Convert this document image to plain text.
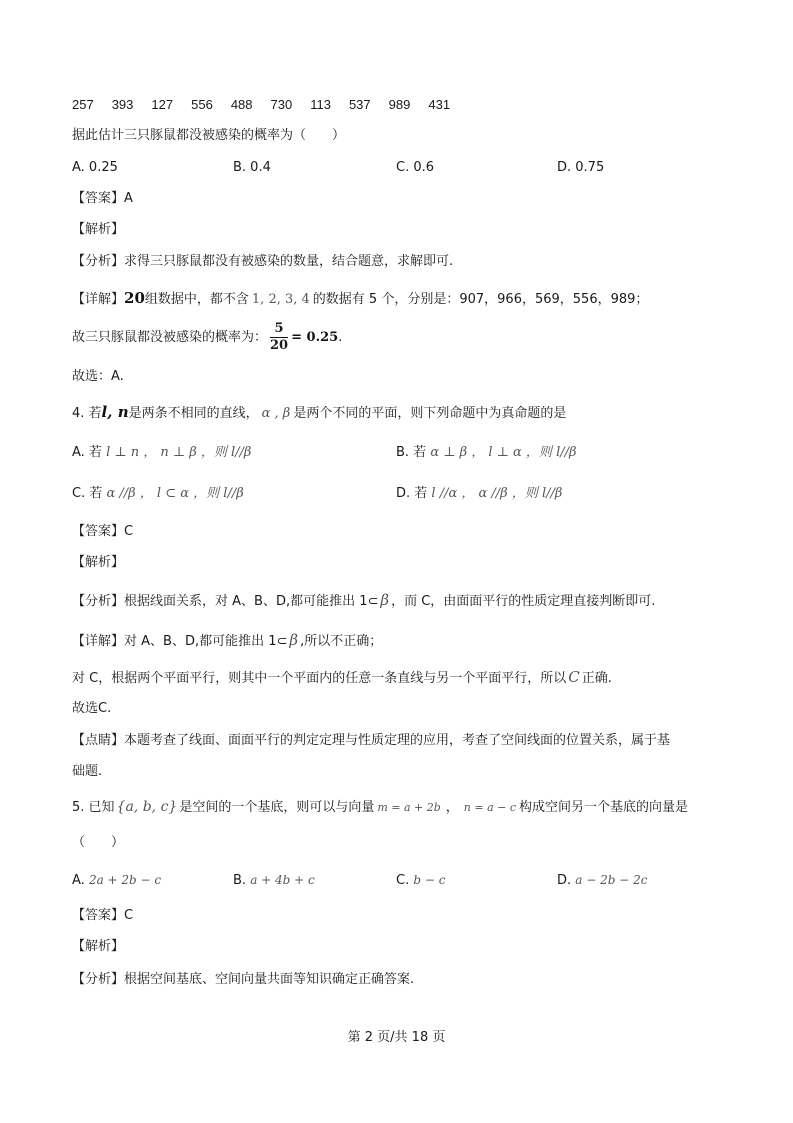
257 393 127 556 488 730 113 537 989 431
据此估计三只豚鼠都没被感染的概率为（　　）
A. 0.25	B. 0.4	C. 0.6	D. 0.75
【答案】A
【解析】
【分析】求得三只豚鼠都没有被感染的数量，结合题意，求解即可.
【详解】20组数据中，都不含 1, 2, 3, 4 的数据有 5 个，分别是：907，966，569，556，989；
故三只豚鼠都没被感染的概率为： $\frac{5}{20} = 0.25$.
故选：A.
4. 若l, n是两条不相同的直线， α , β 是两个不同的平面，则下列命题中为真命题的是
A. 若 l ⊥ n ， n ⊥ β ，则 l//β	B. 若 α ⊥ β ， l ⊥ α ，则 l//β
C. 若 α //β ， l ⊂ α ，则 l//β	D. 若 l //α ， α //β ，则 l//β
【答案】C
【解析】
【分析】根据线面关系，对 A、B、D,都可能推出 1⊂ β ，而 C，由面面平行的性质定理直接判断即可.
【详解】对 A、B、D,都可能推出 1⊂ β ,所以不正确；
对 C，根据两个平面平行，则其中一个平面内的任意一条直线与另一个平面平行，所以 C 正确.
故选C.
【点睛】本题考查了线面、面面平行的判定定理与性质定理的应用，考查了空间线面的位置关系，属于基
础题.
5. 已知 {a, b, c} 是空间的一个基底，则可以与向量 m = a + 2b ， n = a − c 构成空间另一个基底的向量是
（　　）
A. 2a + 2b − c	B. a + 4b + c	C. b − c	D. a − 2b − 2c
【答案】C
【解析】
【分析】根据空间基底、空间向量共面等知识确定正确答案.
第 2 页/共 18 页
